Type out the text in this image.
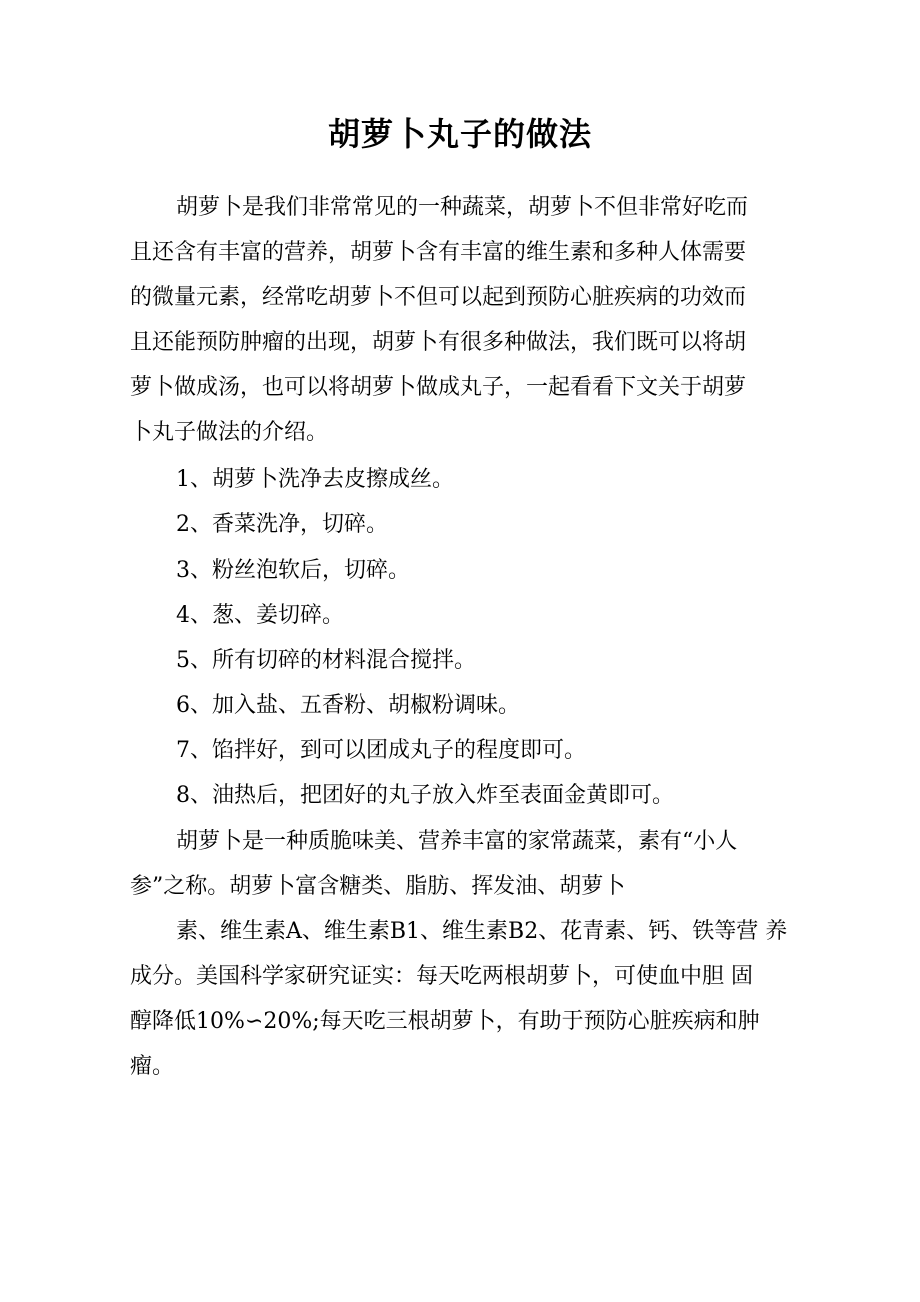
胡萝卜丸子的做法
胡萝卜是我们非常常见的一种蔬菜，胡萝卜不但非常好吃而
且还含有丰富的营养，胡萝卜含有丰富的维生素和多种人体需要
的微量元素，经常吃胡萝卜不但可以起到预防心脏疾病的功效而
且还能预防肿瘤的出现，胡萝卜有很多种做法，我们既可以将胡
萝卜做成汤，也可以将胡萝卜做成丸子，一起看看下文关于胡萝
卜丸子做法的介绍。
1、胡萝卜洗净去皮擦成丝。
2、香菜洗净，切碎。
3、粉丝泡软后，切碎。
4、葱、姜切碎。
5、所有切碎的材料混合搅拌。
6、加入盐、五香粉、胡椒粉调味。
7、馅拌好，到可以团成丸子的程度即可。
8、油热后，把团好的丸子放入炸至表面金黄即可。
胡萝卜是一种质脆味美、营养丰富的家常蔬菜，素有“小人
参”之称。胡萝卜富含糖类、脂肪、挥发油、胡萝卜
素、维生素A、维生素B1、维生素B2、花青素、钙、铁等营 养
成分。美国科学家研究证实：每天吃两根胡萝卜，可使血中胆 固
醇降低10%∽20%;每天吃三根胡萝卜，有助于预防心脏疾病和肿
瘤。
